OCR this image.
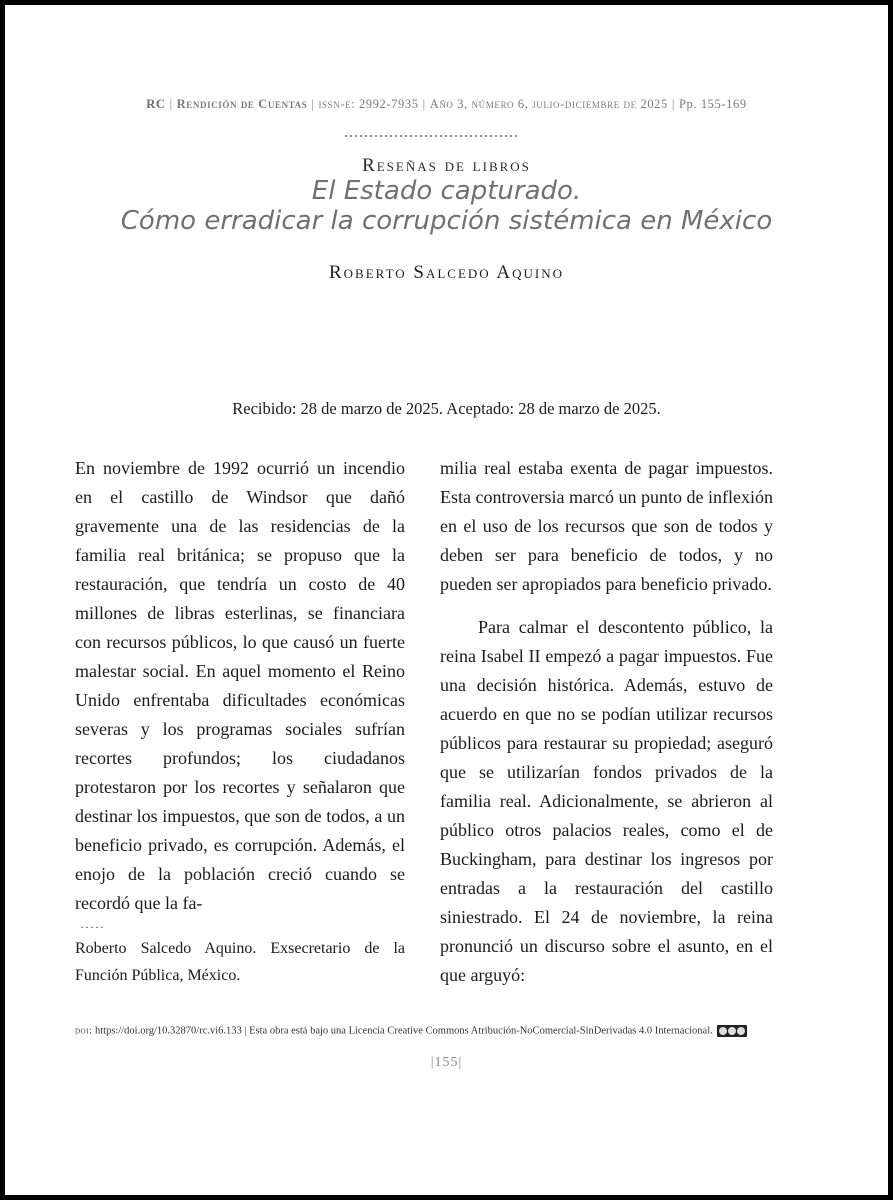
RC | Rendición de Cuentas | issn-e: 2992-7935 | Año 3, número 6, julio-diciembre de 2025 | Pp. 155-169
Reseñas de libros
El Estado capturado.
Cómo erradicar la corrupción sistémica en México
Roberto Salcedo Aquino
Recibido: 28 de marzo de 2025. Aceptado: 28 de marzo de 2025.

En noviembre de 1992 ocurrió un incendio en el castillo de Windsor que dañó gravemente una de las residencias de la familia real británica; se propuso que la restauración, que tendría un costo de 40 millones de libras esterlinas, se financiara con recursos públicos, lo que causó un fuerte malestar social. En aquel momento el Reino Unido enfrentaba dificultades económicas severas y los programas sociales sufrían recortes profundos; los ciudadanos protestaron por los recortes y señalaron que destinar los impuestos, que son de todos, a un beneficio privado, es corrupción. Además, el enojo de la población creció cuando se recordó que la fa-

·····
Roberto Salcedo Aquino. Exsecretario de la Función Pública, México.

milia real estaba exenta de pagar impuestos. Esta controversia marcó un punto de inflexión en el uso de los recursos que son de todos y deben ser para beneficio de todos, y no pueden ser apropiados para beneficio privado.

Para calmar el descontento público, la reina Isabel II empezó a pagar impuestos. Fue una decisión histórica. Además, estuvo de acuerdo en que no se podían utilizar recursos públicos para restaurar su propiedad; aseguró que se utilizarían fondos privados de la familia real. Adicionalmente, se abrieron al público otros palacios reales, como el de Buckingham, para destinar los ingresos por entradas a la restauración del castillo siniestrado. El 24 de noviembre, la reina pronunció un discurso sobre el asunto, en el que arguyó:

doi: https://doi.org/10.32870/rc.vi6.133 | Esta obra está bajo una Licencia Creative Commons Atribución-NoComercial-SinDerivadas 4.0 Internacional.
|155|
